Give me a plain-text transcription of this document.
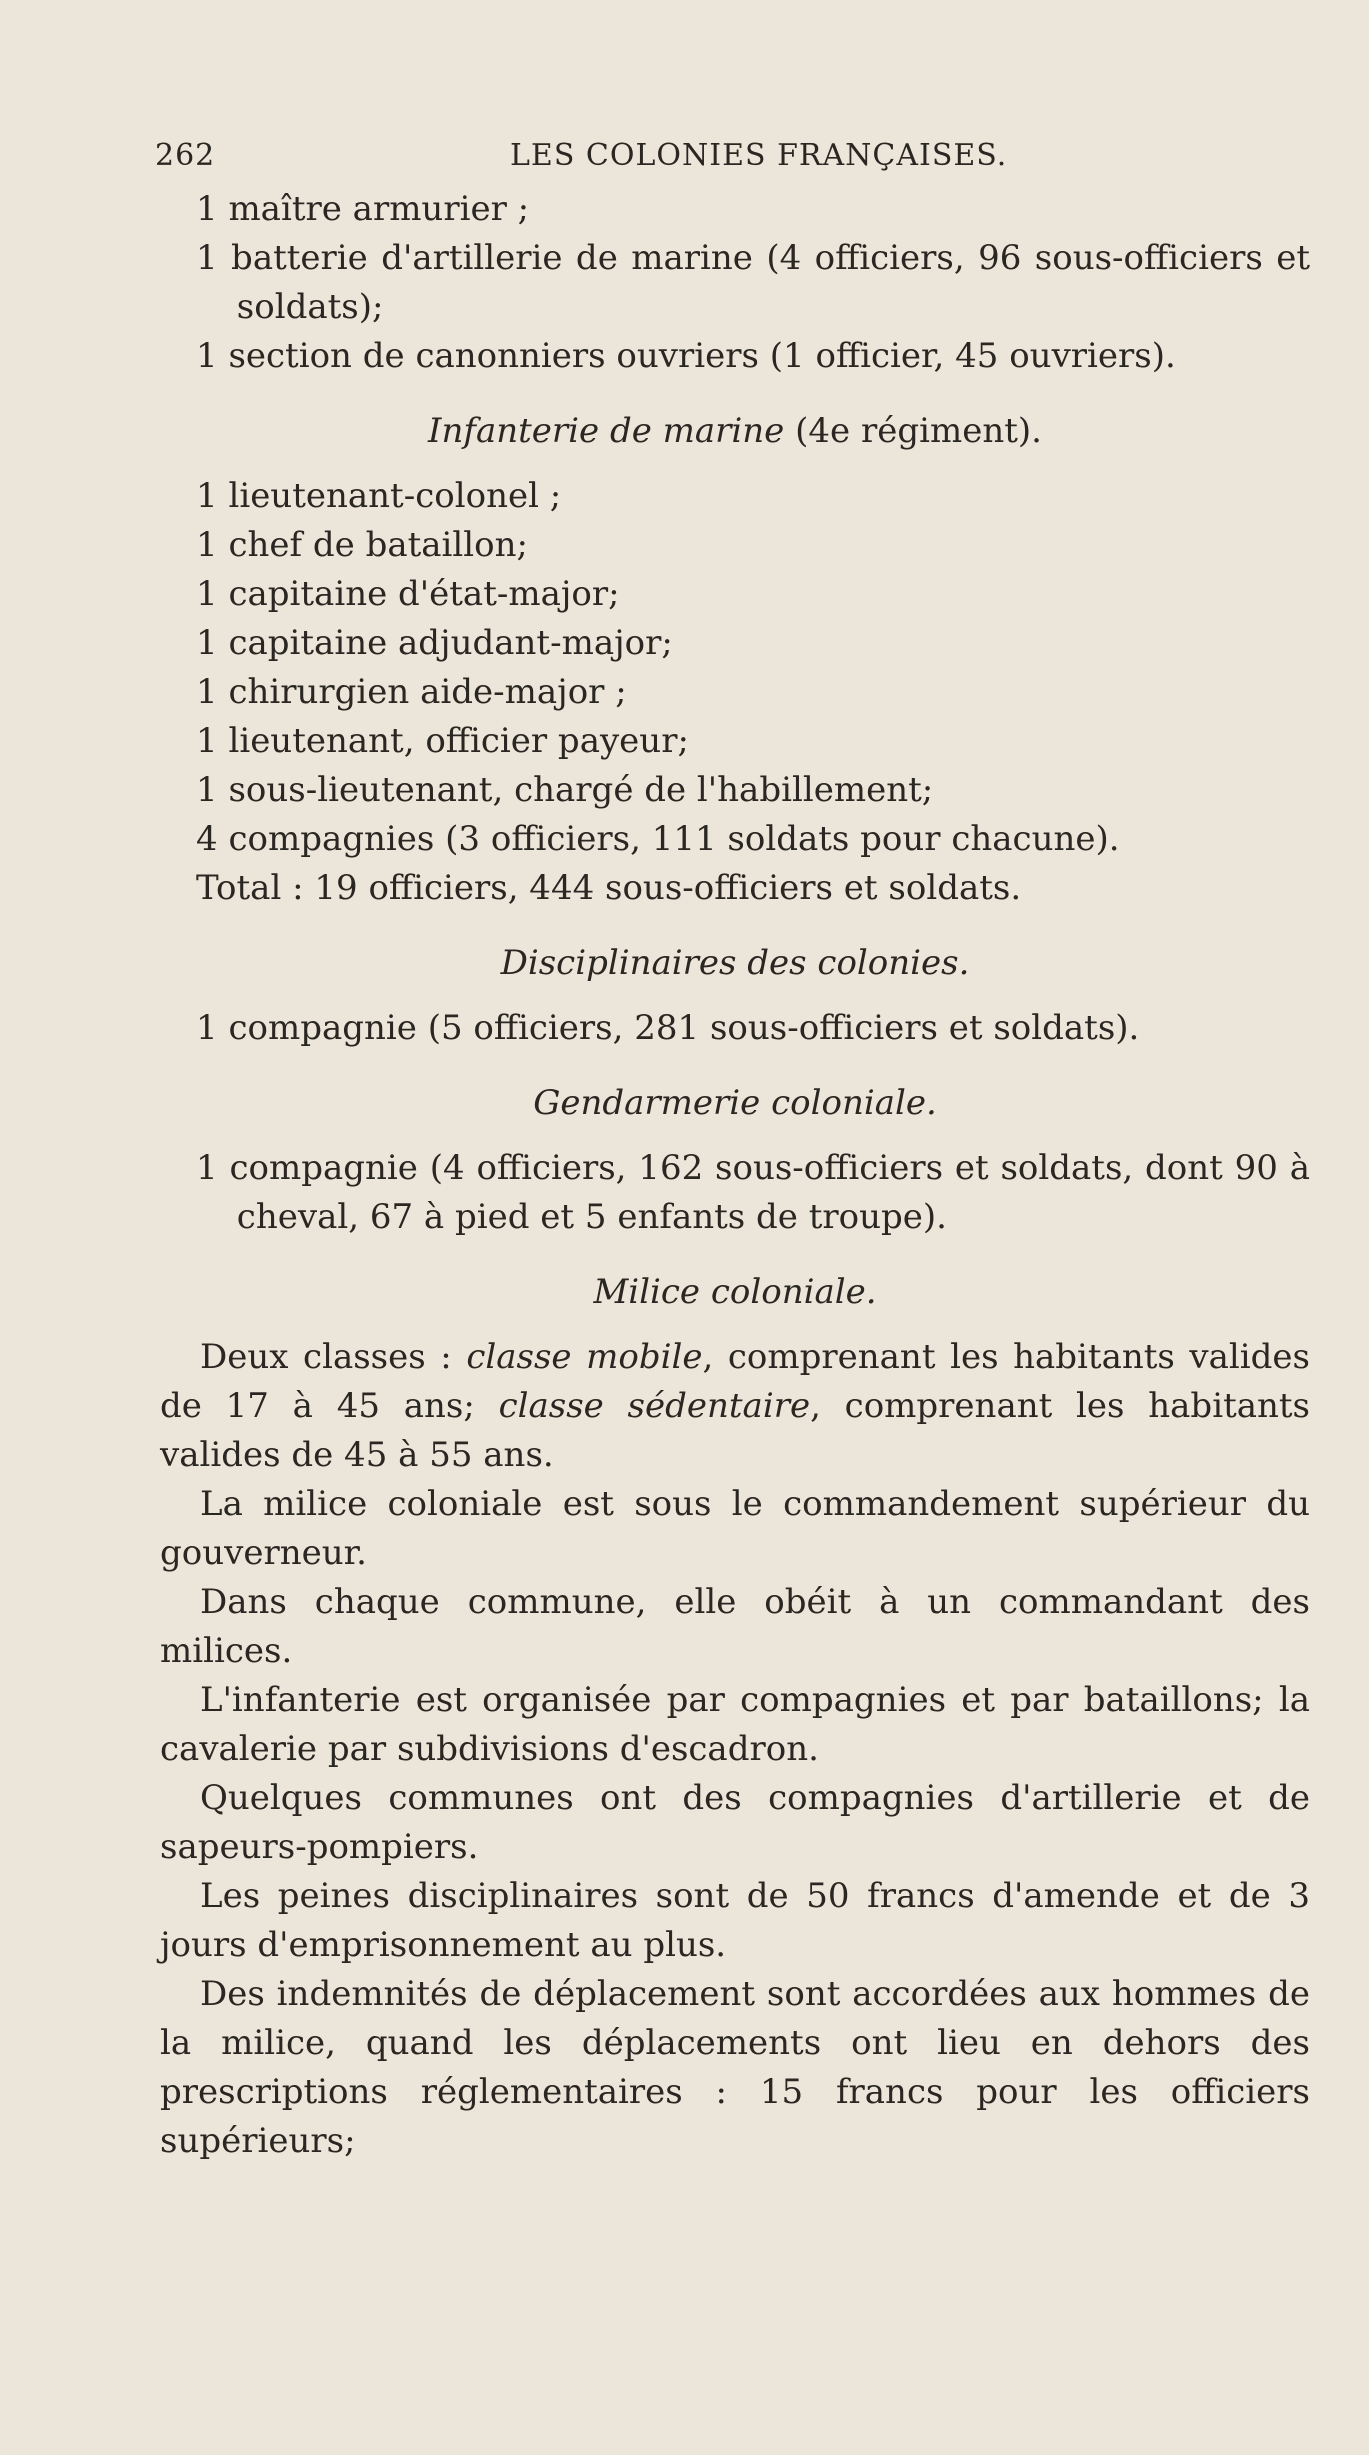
262	LES COLONIES FRANÇAISES.

1 maître armurier ;

1 batterie d'artillerie de marine (4 officiers, 96 sous-officiers et soldats);

1 section de canonniers ouvriers (1 officier, 45 ouvriers).

Infanterie de marine (4e régiment).

1 lieutenant-colonel ;

1 chef de bataillon;

1 capitaine d'état-major;

1 capitaine adjudant-major;

1 chirurgien aide-major ;

1 lieutenant, officier payeur;

1 sous-lieutenant, chargé de l'habillement;

4 compagnies (3 officiers, 111 soldats pour chacune).

Total : 19 officiers, 444 sous-officiers et soldats.

Disciplinaires des colonies.

1 compagnie (5 officiers, 281 sous-officiers et soldats).

Gendarmerie coloniale.

1 compagnie (4 officiers, 162 sous-officiers et soldats, dont 90 à cheval, 67 à pied et 5 enfants de troupe).

Milice coloniale.

Deux classes : classe mobile, comprenant les habitants valides de 17 à 45 ans; classe sédentaire, comprenant les habitants valides de 45 à 55 ans.

La milice coloniale est sous le commandement supérieur du gouverneur.

Dans chaque commune, elle obéit à un commandant des milices.

L'infanterie est organisée par compagnies et par bataillons; la cavalerie par subdivisions d'escadron.

Quelques communes ont des compagnies d'artillerie et de sapeurs-pompiers.

Les peines disciplinaires sont de 50 francs d'amende et de 3 jours d'emprisonnement au plus.

Des indemnités de déplacement sont accordées aux hommes de la milice, quand les déplacements ont lieu en dehors des prescriptions réglementaires : 15 francs pour les officiers supérieurs;
